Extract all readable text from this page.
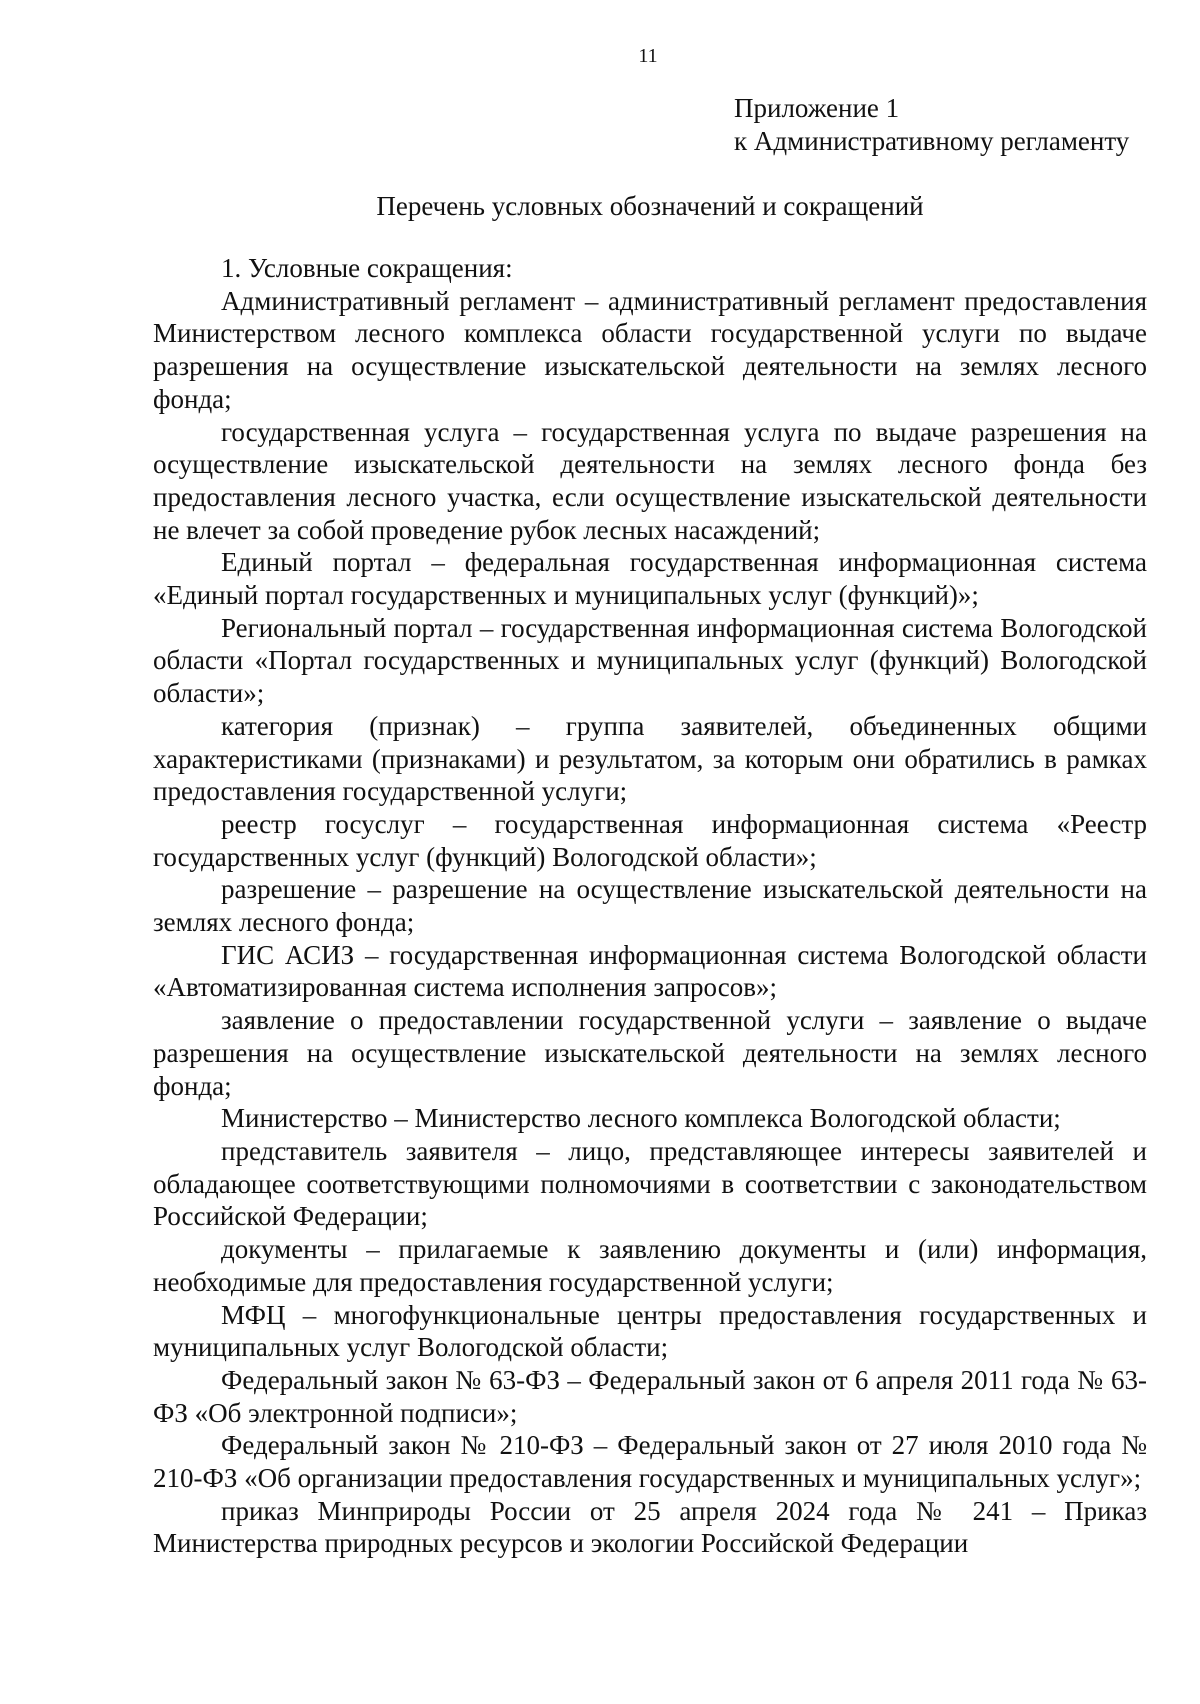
11
Приложение 1
к Административному регламенту
Перечень условных обозначений и сокращений

1. Условные сокращения:

Административный регламент – административный регламент предоставления Министерством лесного комплекса области государственной услуги по выдаче разрешения на осуществление изыскательской деятельности на землях лесного фонда;

государственная услуга – государственная услуга по выдаче разрешения на осуществление изыскательской деятельности на землях лесного фонда без предоставления лесного участка, если осуществление изыскательской деятельности не влечет за собой проведение рубок лесных насаждений;

Единый портал – федеральная государственная информационная система «Единый портал государственных и муниципальных услуг (функций)»;

Региональный портал – государственная информационная система Вологодской области «Портал государственных и муниципальных услуг (функций) Вологодской области»;

категория (признак) – группа заявителей, объединенных общими характеристиками (признаками) и результатом, за которым они обратились в рамках предоставления государственной услуги;

реестр госуслуг – государственная информационная система «Реестр государственных услуг (функций) Вологодской области»;

разрешение – разрешение на осуществление изыскательской деятельности на землях лесного фонда;

ГИС АСИЗ – государственная информационная система Вологодской области «Автоматизированная система исполнения запросов»;

заявление о предоставлении государственной услуги – заявление о выдаче разрешения на осуществление изыскательской деятельности на землях лесного фонда;

Министерство – Министерство лесного комплекса Вологодской области;

представитель заявителя – лицо, представляющее интересы заявителей и обладающее соответствующими полномочиями в соответствии с законодательством Российской Федерации;

документы – прилагаемые к заявлению документы и (или) информация, необходимые для предоставления государственной услуги;

МФЦ – многофункциональные центры предоставления государственных и муниципальных услуг Вологодской области;

Федеральный закон № 63-ФЗ – Федеральный закон от 6 апреля 2011 года № 63-ФЗ «Об электронной подписи»;

Федеральный закон № 210-ФЗ – Федеральный закон от 27 июля 2010 года № 210-ФЗ «Об организации предоставления государственных и муниципальных услуг»;

приказ Минприроды России от 25 апреля 2024 года № 241 – Приказ Министерства природных ресурсов и экологии Российской Федерации
